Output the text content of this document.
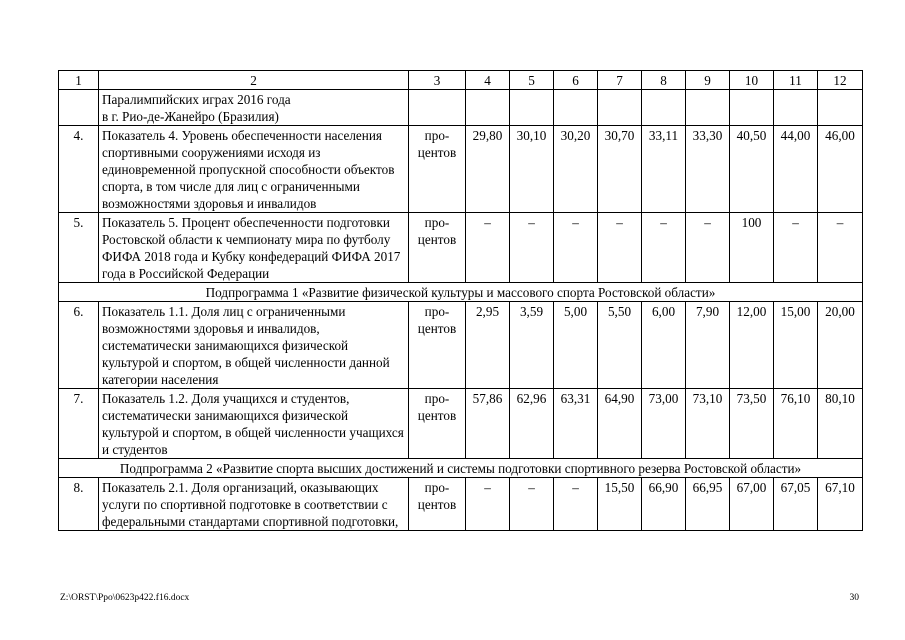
1	2	3	4	5	6	7	8	9	10	11	12
	Паралимпийских играх 2016 года
в г. Рио-де-Жанейро (Бразилия)										
4.	Показатель 4. Уровень обеспеченности населения спортивными сооружениями исходя из единовременной пропускной способности объектов спорта, в том числе для лиц с ограниченными возможностями здоровья и инвалидов	про-
центов	29,80	30,10	30,20	30,70	33,11	33,30	40,50	44,00	46,00
5.	Показатель 5. Процент обеспеченности подготовки Ростовской области к чемпионату мира по футболу ФИФА 2018 года и Кубку конфедераций ФИФА 2017 года в Российской Федерации	про-
центов	–	–	–	–	–	–	100	–	–
Подпрограмма 1 «Развитие физической культуры и массового спорта Ростовской области»											
6.	Показатель 1.1. Доля лиц с ограниченными возможностями здоровья и инвалидов, систематически занимающихся физической культурой и спортом, в общей численности данной категории населения	про-
центов	2,95	3,59	5,00	5,50	6,00	7,90	12,00	15,00	20,00
7.	Показатель 1.2. Доля учащихся и студентов, систематически занимающихся физической культурой и спортом, в общей численности учащихся и студентов	про-
центов	57,86	62,96	63,31	64,90	73,00	73,10	73,50	76,10	80,10
Подпрограмма 2 «Развитие спорта высших достижений и системы подготовки спортивного резерва Ростовской области»											
8.	Показатель 2.1. Доля организаций, оказывающих услуги по спортивной подготовке в соответствии с федеральными стандартами спортивной подготовки,	про-
центов	–	–	–	15,50	66,90	66,95	67,00	67,05	67,10
Z:\ORST\Ppo\0623p422.f16.docx	30
